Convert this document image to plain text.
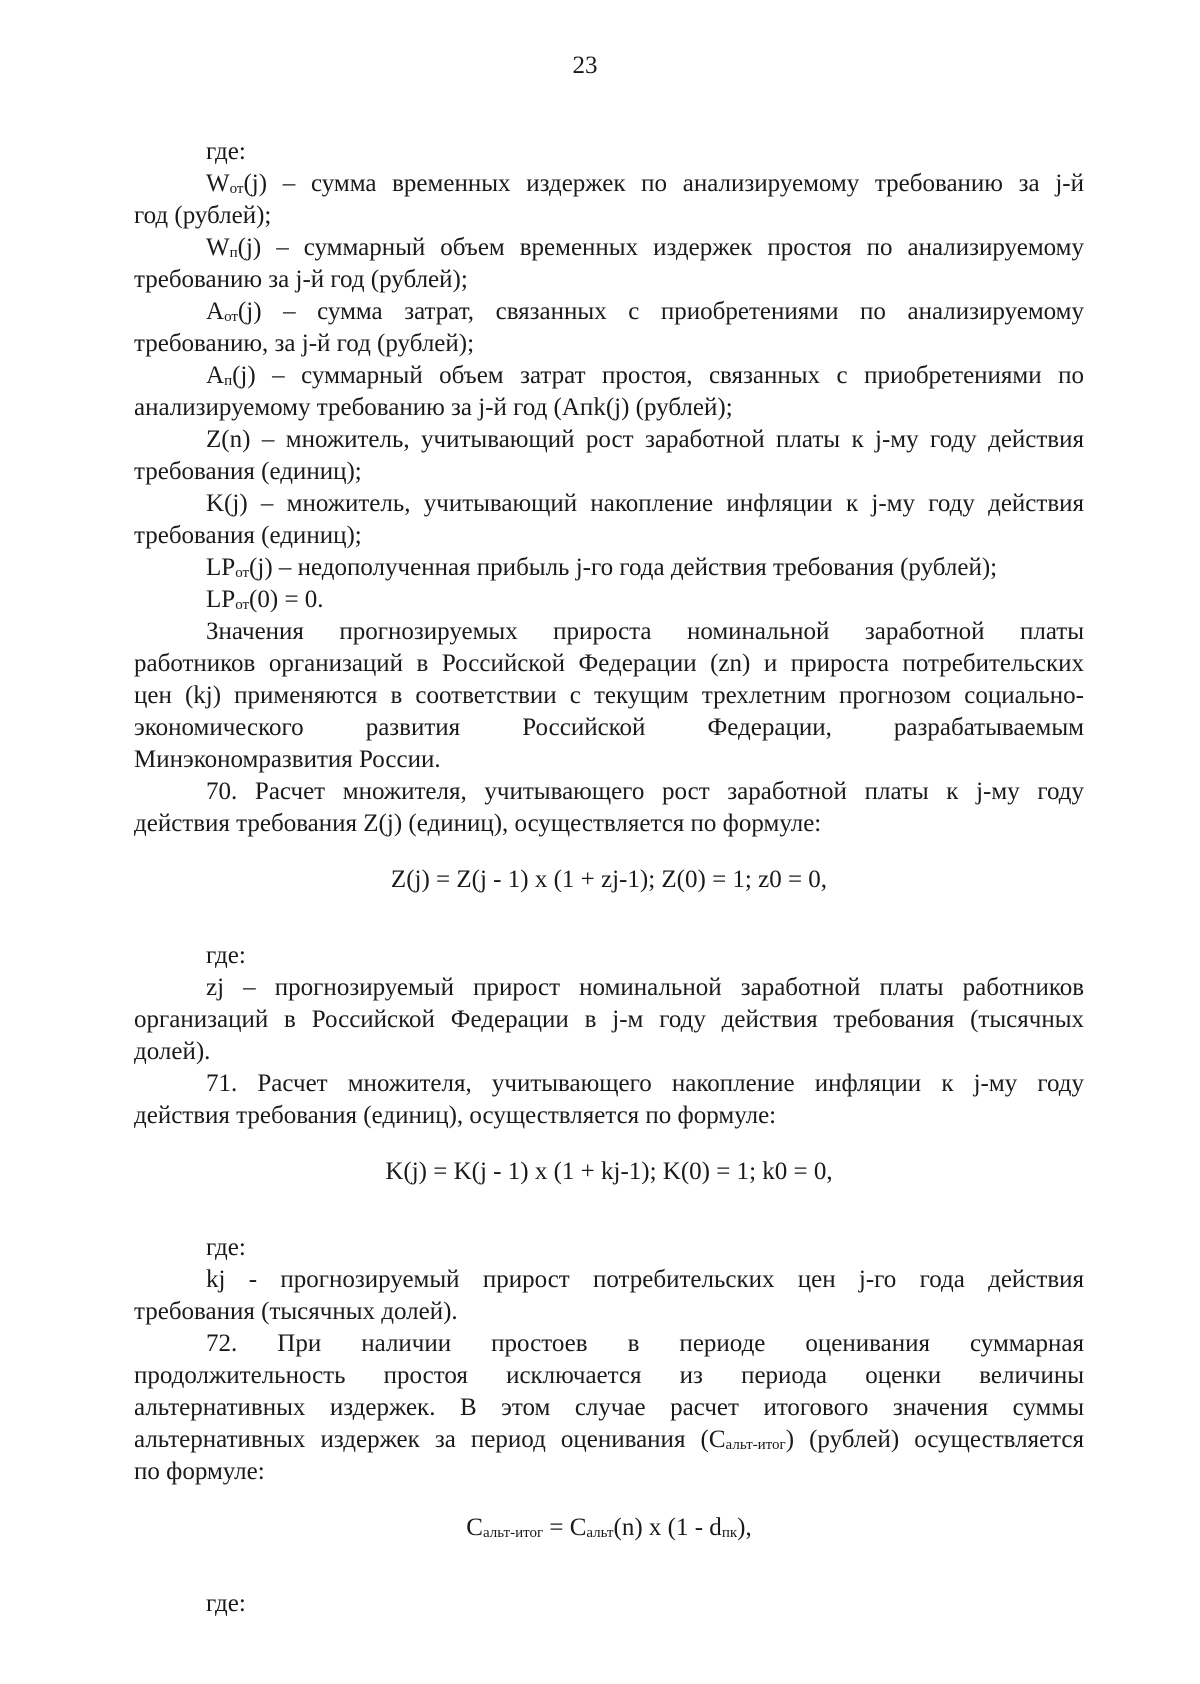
23
где:
$W_{от}(j)$ – сумма временных издержек по анализируемому требованию за j-й
год (рублей);
$W_п(j)$ – суммарный объем временных издержек простоя по анализируемому
требованию за j-й год (рублей);
$А_{от}(j)$ – сумма затрат, связанных с приобретениями по анализируемому
требованию, за j-й год (рублей);
$А_п(j)$ – суммарный объем затрат простоя, связанных с приобретениями по
анализируемому требованию за j-й год (Апk(j) (рублей);
Z(n) – множитель, учитывающий рост заработной платы к j-му году действия
требования (единиц);
K(j) – множитель, учитывающий накопление инфляции к j-му году действия
требования (единиц);
$LP_{от}(j)$ – недополученная прибыль j-го года действия требования (рублей);
$LP_{от}(0) = 0$.
Значения прогнозируемых прироста номинальной заработной платы
работников организаций в Российской Федерации (zn) и прироста потребительских
цен (kj) применяются в соответствии с текущим трехлетним прогнозом социально-
экономического развития Российской Федерации, разрабатываемым
Минэкономразвития России.
70. Расчет множителя, учитывающего рост заработной платы к j-му году
действия требования Z(j) (единиц), осуществляется по формуле:
Z(j) = Z(j - 1) x (1 + zj-1); Z(0) = 1; z0 = 0,
где:
zj – прогнозируемый прирост номинальной заработной платы работников
организаций в Российской Федерации в j-м году действия требования (тысячных
долей).
71. Расчет множителя, учитывающего накопление инфляции к j-му году
действия требования (единиц), осуществляется по формуле:
K(j) = K(j - 1) x (1 + kj-1); K(0) = 1; k0 = 0,
где:
kj - прогнозируемый прирост потребительских цен j-го года действия
требования (тысячных долей).
72. При наличии простоев в периоде оценивания суммарная
продолжительность простоя исключается из периода оценки величины
альтернативных издержек. В этом случае расчет итогового значения суммы
альтернативных издержек за период оценивания $(С_{альт-итог})$ (рублей) осуществляется
по формуле:
$С_{альт-итог} = С_{альт}(n)$ x $(1 - d_{пк})$,
где:
